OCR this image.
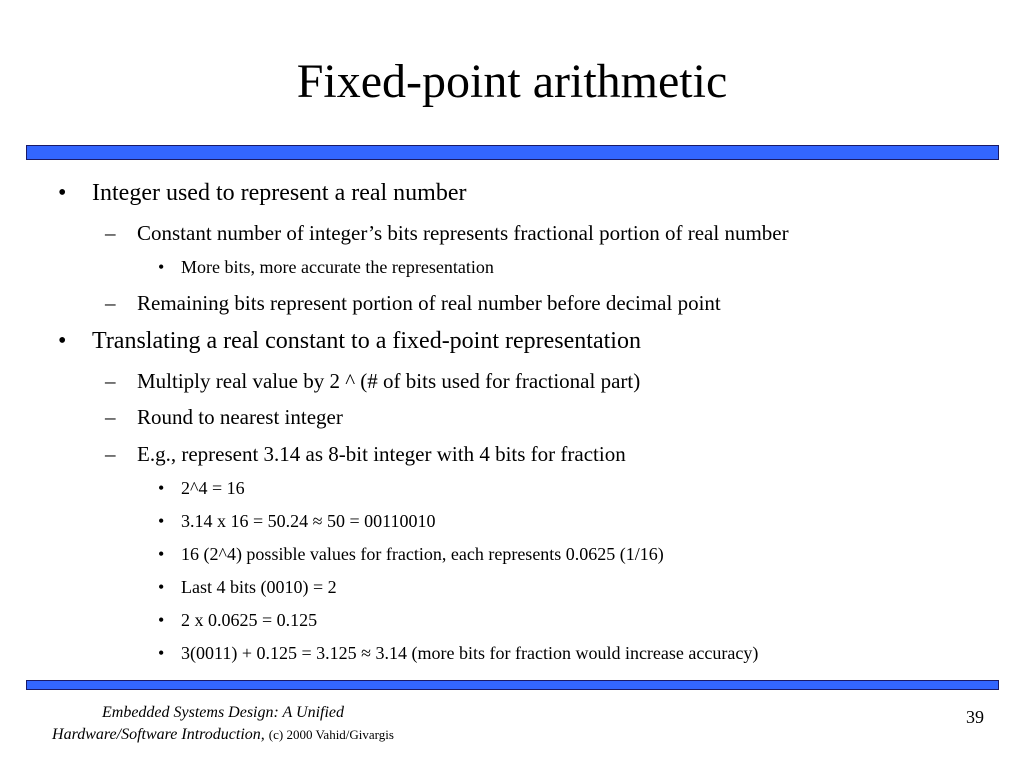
Fixed-point arithmetic
• Integer used to represent a real number
– Constant number of integer’s bits represents fractional portion of real number
• More bits, more accurate the representation
– Remaining bits represent portion of real number before decimal point
• Translating a real constant to a fixed-point representation
– Multiply real value by 2 ^ (# of bits used for fractional part)
– Round to nearest integer
– E.g., represent 3.14 as 8-bit integer with 4 bits for fraction
• 2^4 = 16
• 3.14 x 16 = 50.24 ≈ 50 = 00110010
• 16 (2^4) possible values for fraction, each represents 0.0625 (1/16)
• Last 4 bits (0010) = 2
• 2 x 0.0625 = 0.125
• 3(0011) + 0.125 = 3.125 ≈ 3.14 (more bits for fraction would increase accuracy)
Embedded Systems Design: A Unified
Hardware/Software Introduction, (c) 2000 Vahid/Givargis
39
